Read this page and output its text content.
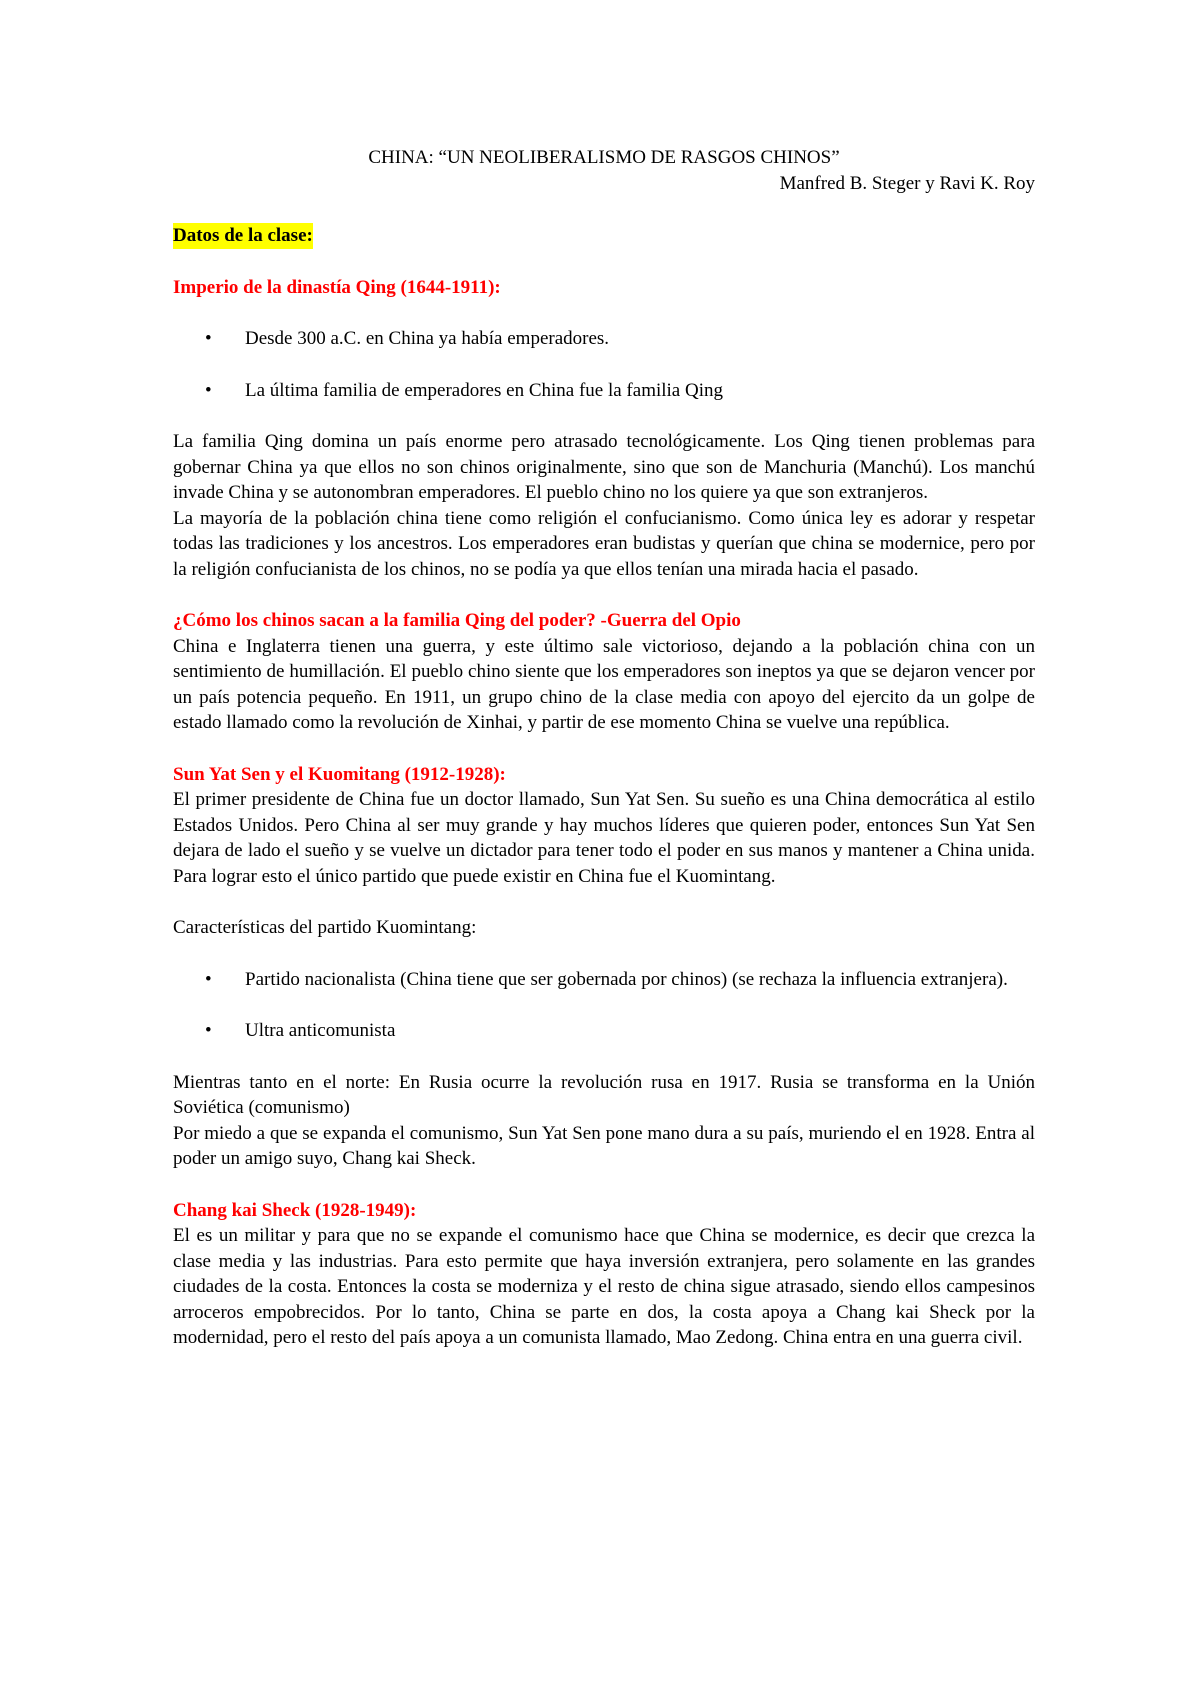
CHINA: “UN NEOLIBERALISMO DE RASGOS CHINOS”

Manfred B. Steger y Ravi K. Roy

Datos de la clase:

Imperio de la dinastía Qing (1644-1911):

• Desde 300 a.C. en China ya había emperadores.
• La última familia de emperadores en China fue la familia Qing

La familia Qing domina un país enorme pero atrasado tecnológicamente. Los Qing tienen problemas para gobernar China ya que ellos no son chinos originalmente, sino que son de Manchuria (Manchú). Los manchú invade China y se autonombran emperadores. El pueblo chino no los quiere ya que son extranjeros.

La mayoría de la población china tiene como religión el confucianismo. Como única ley es adorar y respetar todas las tradiciones y los ancestros. Los emperadores eran budistas y querían que china se modernice, pero por la religión confucianista de los chinos, no se podía ya que ellos tenían una mirada hacia el pasado.

¿Cómo los chinos sacan a la familia Qing del poder? -Guerra del Opio

China e Inglaterra tienen una guerra, y este último sale victorioso, dejando a la población china con un sentimiento de humillación. El pueblo chino siente que los emperadores son ineptos ya que se dejaron vencer por un país potencia pequeño. En 1911, un grupo chino de la clase media con apoyo del ejercito da un golpe de estado llamado como la revolución de Xinhai, y partir de ese momento China se vuelve una república.

Sun Yat Sen y el Kuomitang (1912-1928):

El primer presidente de China fue un doctor llamado, Sun Yat Sen. Su sueño es una China democrática al estilo Estados Unidos. Pero China al ser muy grande y hay muchos líderes que quieren poder, entonces Sun Yat Sen dejara de lado el sueño y se vuelve un dictador para tener todo el poder en sus manos y mantener a China unida. Para lograr esto el único partido que puede existir en China fue el Kuomintang.

Características del partido Kuomintang:

• Partido nacionalista (China tiene que ser gobernada por chinos) (se rechaza la influencia extranjera).
• Ultra anticomunista

Mientras tanto en el norte: En Rusia ocurre la revolución rusa en 1917. Rusia se transforma en la Unión Soviética (comunismo)

Por miedo a que se expanda el comunismo, Sun Yat Sen pone mano dura a su país, muriendo el en 1928. Entra al poder un amigo suyo, Chang kai Sheck.

Chang kai Sheck (1928-1949):

El es un militar y para que no se expande el comunismo hace que China se modernice, es decir que crezca la clase media y las industrias. Para esto permite que haya inversión extranjera, pero solamente en las grandes ciudades de la costa. Entonces la costa se moderniza y el resto de china sigue atrasado, siendo ellos campesinos arroceros empobrecidos. Por lo tanto, China se parte en dos, la costa apoya a Chang kai Sheck por la modernidad, pero el resto del país apoya a un comunista llamado, Mao Zedong. China entra en una guerra civil.
